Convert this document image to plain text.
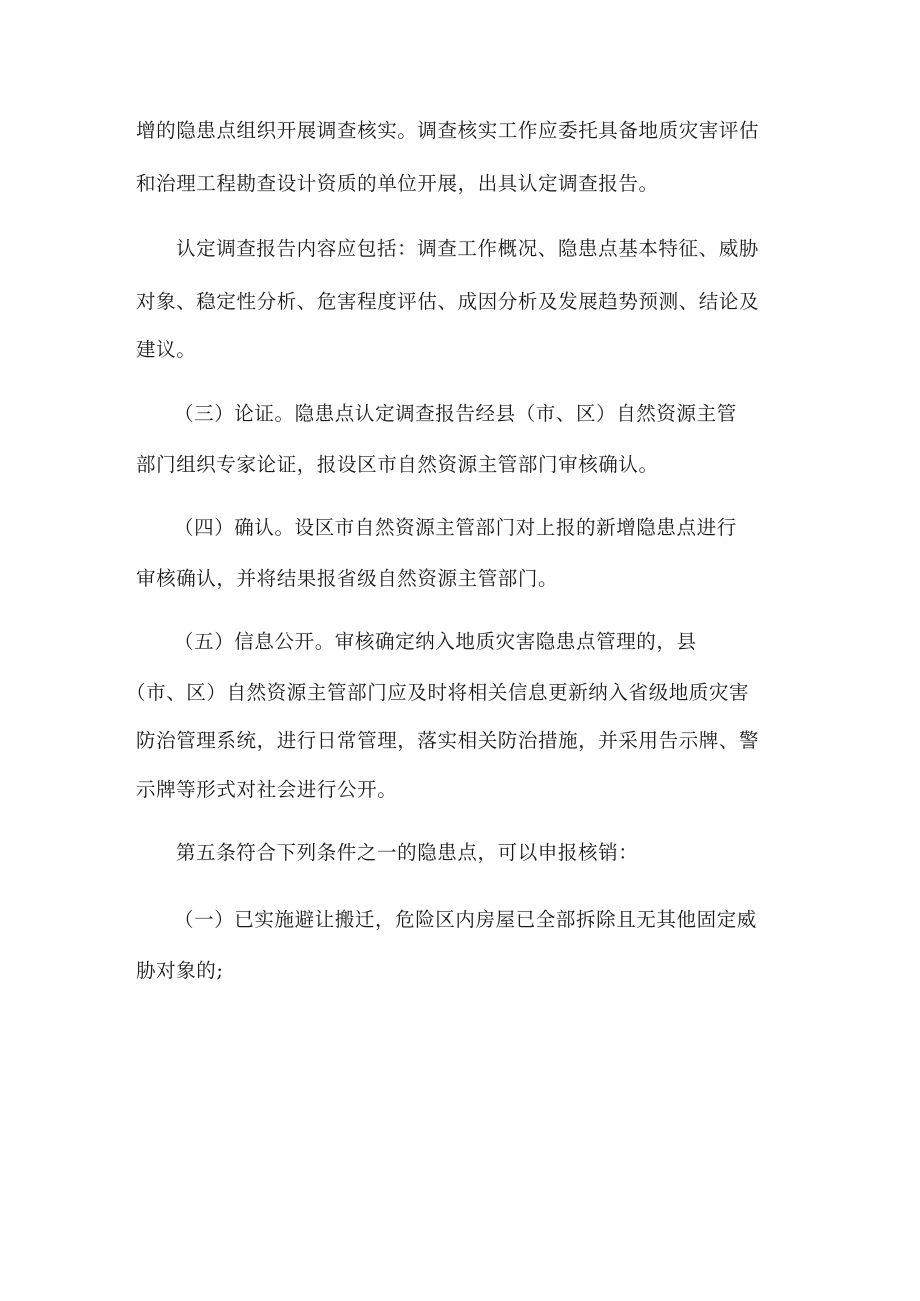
增的隐患点组织开展调查核实。调查核实工作应委托具备地质灾害评估
和治理工程勘查设计资质的单位开展，出具认定调查报告。
认定调查报告内容应包括：调查工作概况、隐患点基本特征、威胁
对象、稳定性分析、危害程度评估、成因分析及发展趋势预测、结论及
建议。
（三）论证。隐患点认定调查报告经县（市、区）自然资源主管
部门组织专家论证，报设区市自然资源主管部门审核确认。
（四）确认。设区市自然资源主管部门对上报的新增隐患点进行
审核确认，并将结果报省级自然资源主管部门。
（五）信息公开。审核确定纳入地质灾害隐患点管理的，县
（市、区）自然资源主管部门应及时将相关信息更新纳入省级地质灾害
防治管理系统，进行日常管理，落实相关防治措施，并采用告示牌、警
示牌等形式对社会进行公开。
第五条符合下列条件之一的隐患点，可以申报核销：
（一）已实施避让搬迁，危险区内房屋已全部拆除且无其他固定威
胁对象的;
